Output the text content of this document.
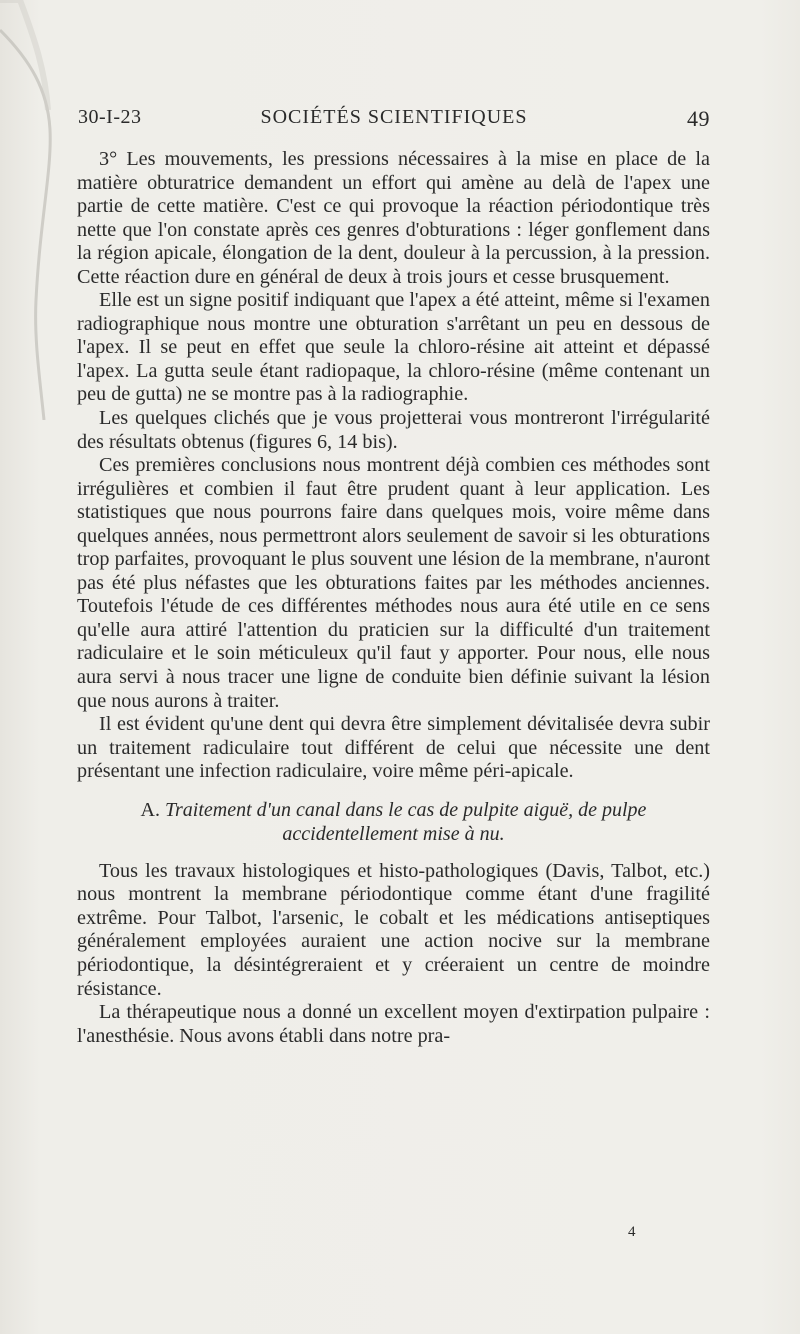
30-I-23	SOCIÉTÉS SCIENTIFIQUES	49

3° Les mouvements, les pressions nécessaires à la mise en place de la matière obturatrice demandent un effort qui amène au delà de l'apex une partie de cette matière. C'est ce qui provoque la réaction périodontique très nette que l'on constate après ces genres d'obturations : léger gonflement dans la région apicale, élongation de la dent, douleur à la percussion, à la pression. Cette réaction dure en général de deux à trois jours et cesse brusquement.

Elle est un signe positif indiquant que l'apex a été atteint, même si l'examen radiographique nous montre une obturation s'arrêtant un peu en dessous de l'apex. Il se peut en effet que seule la chloro-résine ait atteint et dépassé l'apex. La gutta seule étant radiopaque, la chloro-résine (même contenant un peu de gutta) ne se montre pas à la radiographie.

Les quelques clichés que je vous projetterai vous montreront l'irrégularité des résultats obtenus (figures 6, 14 bis).

Ces premières conclusions nous montrent déjà combien ces méthodes sont irrégulières et combien il faut être prudent quant à leur application. Les statistiques que nous pourrons faire dans quelques mois, voire même dans quelques années, nous permettront alors seulement de savoir si les obturations trop parfaites, provoquant le plus souvent une lésion de la membrane, n'auront pas été plus néfastes que les obturations faites par les méthodes anciennes. Toutefois l'étude de ces différentes méthodes nous aura été utile en ce sens qu'elle aura attiré l'attention du praticien sur la difficulté d'un traitement radiculaire et le soin méticuleux qu'il faut y apporter. Pour nous, elle nous aura servi à nous tracer une ligne de conduite bien définie suivant la lésion que nous aurons à traiter.

Il est évident qu'une dent qui devra être simplement dévitalisée devra subir un traitement radiculaire tout différent de celui que nécessite une dent présentant une infection radiculaire, voire même péri-apicale.

A. Traitement d'un canal dans le cas de pulpite aiguë, de pulpe
accidentellement mise à nu.

Tous les travaux histologiques et histo-pathologiques (Davis, Talbot, etc.) nous montrent la membrane périodontique comme étant d'une fragilité extrême. Pour Talbot, l'arsenic, le cobalt et les médications antiseptiques généralement employées auraient une action nocive sur la membrane périodontique, la désintégreraient et y créeraient un centre de moindre résistance.

La thérapeutique nous a donné un excellent moyen d'extirpation pulpaire : l'anesthésie. Nous avons établi dans notre pra-

4
